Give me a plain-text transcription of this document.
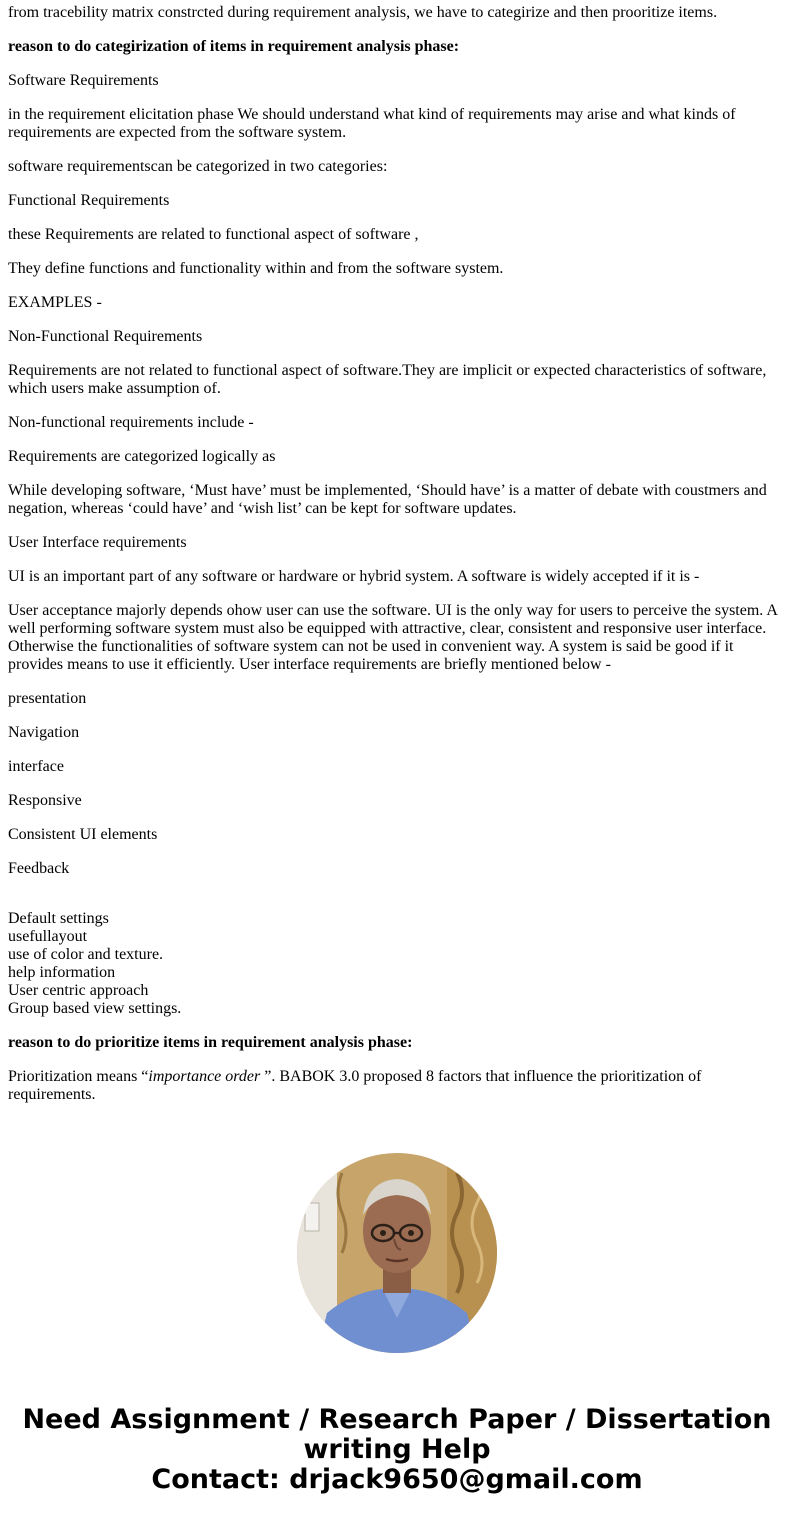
from tracebility matrix constrcted during requirement analysis, we have to categirize and then prooritize items.

reason to do categirization of items in requirement analysis phase:

Software Requirements

in the requirement elicitation phase We should understand what kind of requirements may arise and what kinds of requirements are expected from the software system.

software requirementscan be categorized in two categories:

Functional Requirements

these Requirements are related to functional aspect of software ,

They define functions and functionality within and from the software system.

EXAMPLES -

Non-Functional Requirements

Requirements are not related to functional aspect of software.They are implicit or expected characteristics of software, which users make assumption of.

Non-functional requirements include -

Requirements are categorized logically as

While developing software, ‘Must have’ must be implemented, ‘Should have’ is a matter of debate with coustmers and negation, whereas ‘could have’ and ‘wish list’ can be kept for software updates.

User Interface requirements

UI is an important part of any software or hardware or hybrid system. A software is widely accepted if it is -

User acceptance majorly depends ohow user can use the software. UI is the only way for users to perceive the system. A well performing software system must also be equipped with attractive, clear, consistent and responsive user interface. Otherwise the functionalities of software system can not be used in convenient way. A system is said be good if it provides means to use it efficiently. User interface requirements are briefly mentioned below -

presentation

Navigation

interface

Responsive

Consistent UI elements

Feedback

Default settings
usefullayout
use of color and texture.
help information
User centric approach
Group based view settings.

reason to do prioritize items in requirement analysis phase:

Prioritization means “importance order ”. BABOK 3.0 proposed 8 factors that influence the prioritization of requirements.

Need Assignment / Research Paper / Dissertation
writing Help
Contact: drjack9650@gmail.com
